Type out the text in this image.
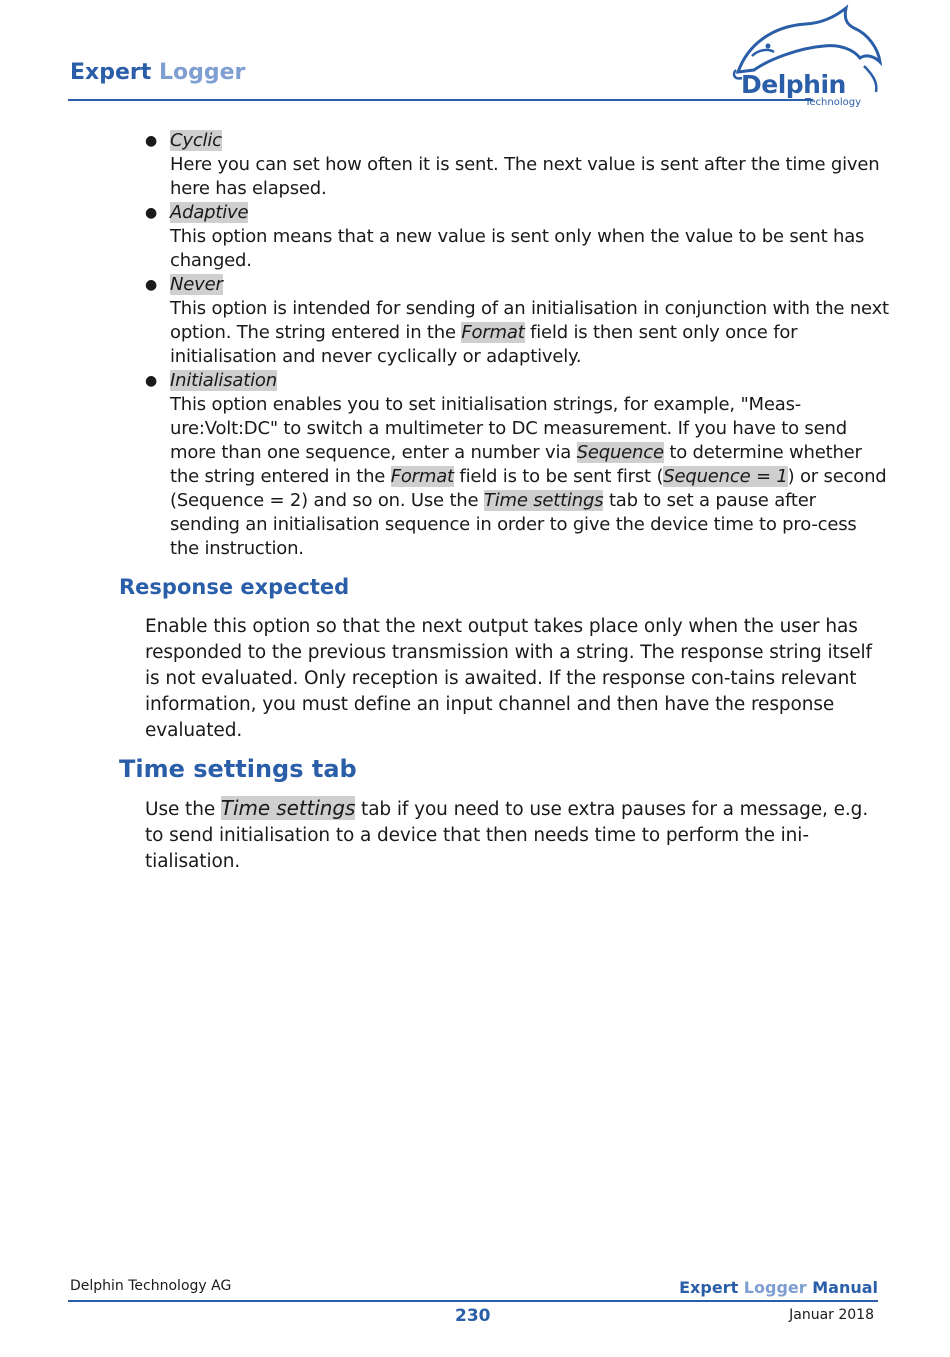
Expert Logger	Delphin
Technology
● Cyclic
Here you can set how often it is sent. The next value is sent after the time given here has elapsed.
● Adaptive
This option means that a new value is sent only when the value to be sent has changed.
● Never
This option is intended for sending of an initialisation in conjunction with the next option. The string entered in the Format field is then sent only once for initialisation and never cyclically or adaptively.
● Initialisation
This option enables you to set initialisation strings, for example, "Meas-ure:Volt:DC" to switch a multimeter to DC measurement. If you have to send more than one sequence, enter a number via Sequence to determine whether the string entered in the Format field is to be sent first (Sequence = 1) or second (Sequence = 2) and so on. Use the Time settings tab to set a pause after sending an initialisation sequence in order to give the device time to pro-cess the instruction.
Response expected

Enable this option so that the next output takes place only when the user has responded to the previous transmission with a string. The response string itself is not evaluated. Only reception is awaited. If the response con-tains relevant information, you must define an input channel and then have the response evaluated.

Time settings tab

Use the Time settings tab if you need to use extra pauses for a message, e.g. to send initialisation to a device that then needs time to perform the ini-tialisation.

Delphin Technology AG	Expert Logger Manual
230	Januar 2018
